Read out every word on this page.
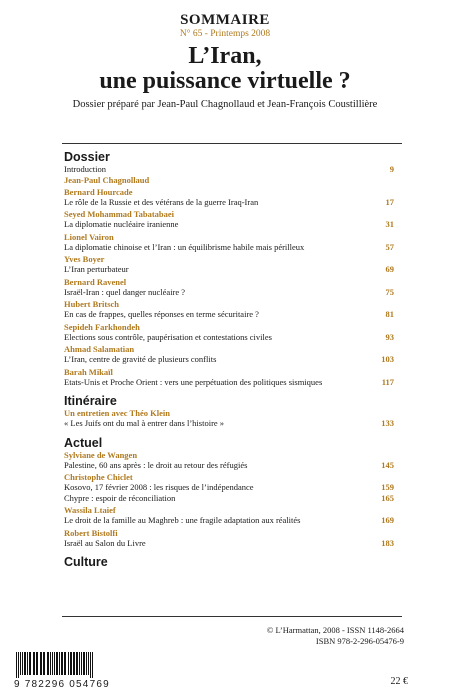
SOMMAIRE
N° 65 - Printemps 2008
L’Iran,
une puissance virtuelle ?
Dossier préparé par Jean-Paul Chagnollaud et Jean-François Coustillière
Dossier
Introduction	9
Jean-Paul Chagnollaud
Bernard Hourcade
Le rôle de la Russie et des vétérans de la guerre Iraq-Iran	17
Seyed Mohammad Tabatabaei
La diplomatie nucléaire iranienne	31
Lionel Vairon
La diplomatie chinoise et l’Iran : un équilibrisme habile mais périlleux	57
Yves Boyer
L’Iran perturbateur	69
Bernard Ravenel
Israël-Iran : quel danger nucléaire ?	75
Hubert Britsch
En cas de frappes, quelles réponses en terme sécuritaire ?	81
Sepideh Farkhondeh
Elections sous contrôle, paupérisation et contestations civiles	93
Ahmad Salamatian
L’Iran, centre de gravité de plusieurs conflits	103
Barah Mikaïl
Etats-Unis et Proche Orient : vers une perpétuation des politiques sismiques	117
Itinéraire
Un entretien avec Théo Klein
« Les Juifs ont du mal à entrer dans l’histoire »	133
Actuel
Sylviane de Wangen
Palestine, 60 ans après : le droit au retour des réfugiés	145
Christophe Chiclet
Kosovo, 17 février 2008 : les risques de l’indépendance	159
Chypre : espoir de réconciliation	165
Wassila Ltaief
Le droit de la famille au Maghreb : une fragile adaptation aux réalités	169
Robert Bistolfi
Israël au Salon du Livre	183
Culture
© L’Harmattan, 2008 - ISSN 1148-2664
ISBN 978-2-296-05476-9
9 782296 054769	22 €
